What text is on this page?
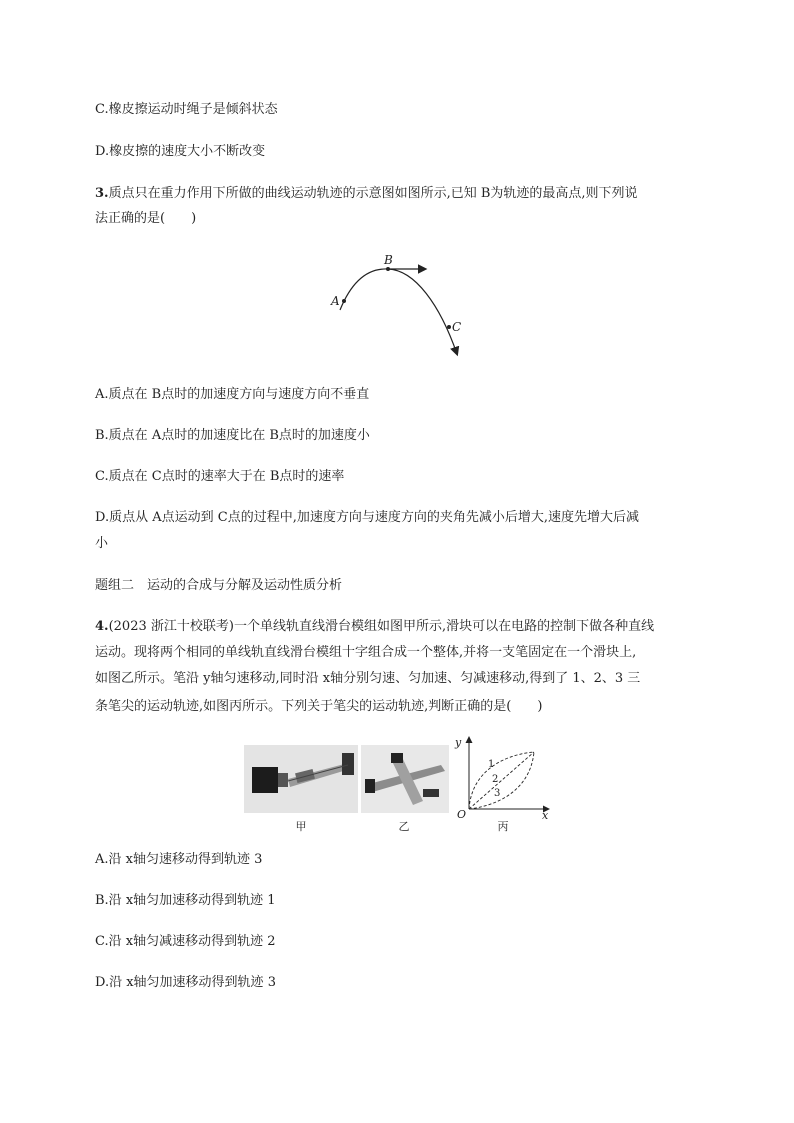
C.橡皮擦运动时绳子是倾斜状态
D.橡皮擦的速度大小不断改变
3.质点只在重力作用下所做的曲线运动轨迹的示意图如图所示,已知 B为轨迹的最高点,则下列说
法正确的是(　　)
A
B
C
A.质点在 B点时的加速度方向与速度方向不垂直
B.质点在 A点时的加速度比在 B点时的加速度小
C.质点在 C点时的速率大于在 B点时的速率
D.质点从 A点运动到 C点的过程中,加速度方向与速度方向的夹角先减小后增大,速度先增大后减
小
题组二　运动的合成与分解及运动性质分析
4.(2023 浙江十校联考)一个单线轨直线滑台模组如图甲所示,滑块可以在电路的控制下做各种直线
运动。现将两个相同的单线轨直线滑台模组十字组合成一个整体,并将一支笔固定在一个滑块上,
如图乙所示。笔沿 y轴匀速移动,同时沿 x轴分别匀速、匀加速、匀减速移动,得到了 1、2、3 三
条笔尖的运动轨迹,如图丙所示。下列关于笔尖的运动轨迹,判断正确的是(　　)
甲	乙
y
x
O
1
2
3
丙
A.沿 x轴匀速移动得到轨迹 3
B.沿 x轴匀加速移动得到轨迹 1
C.沿 x轴匀减速移动得到轨迹 2
D.沿 x轴匀加速移动得到轨迹 3
